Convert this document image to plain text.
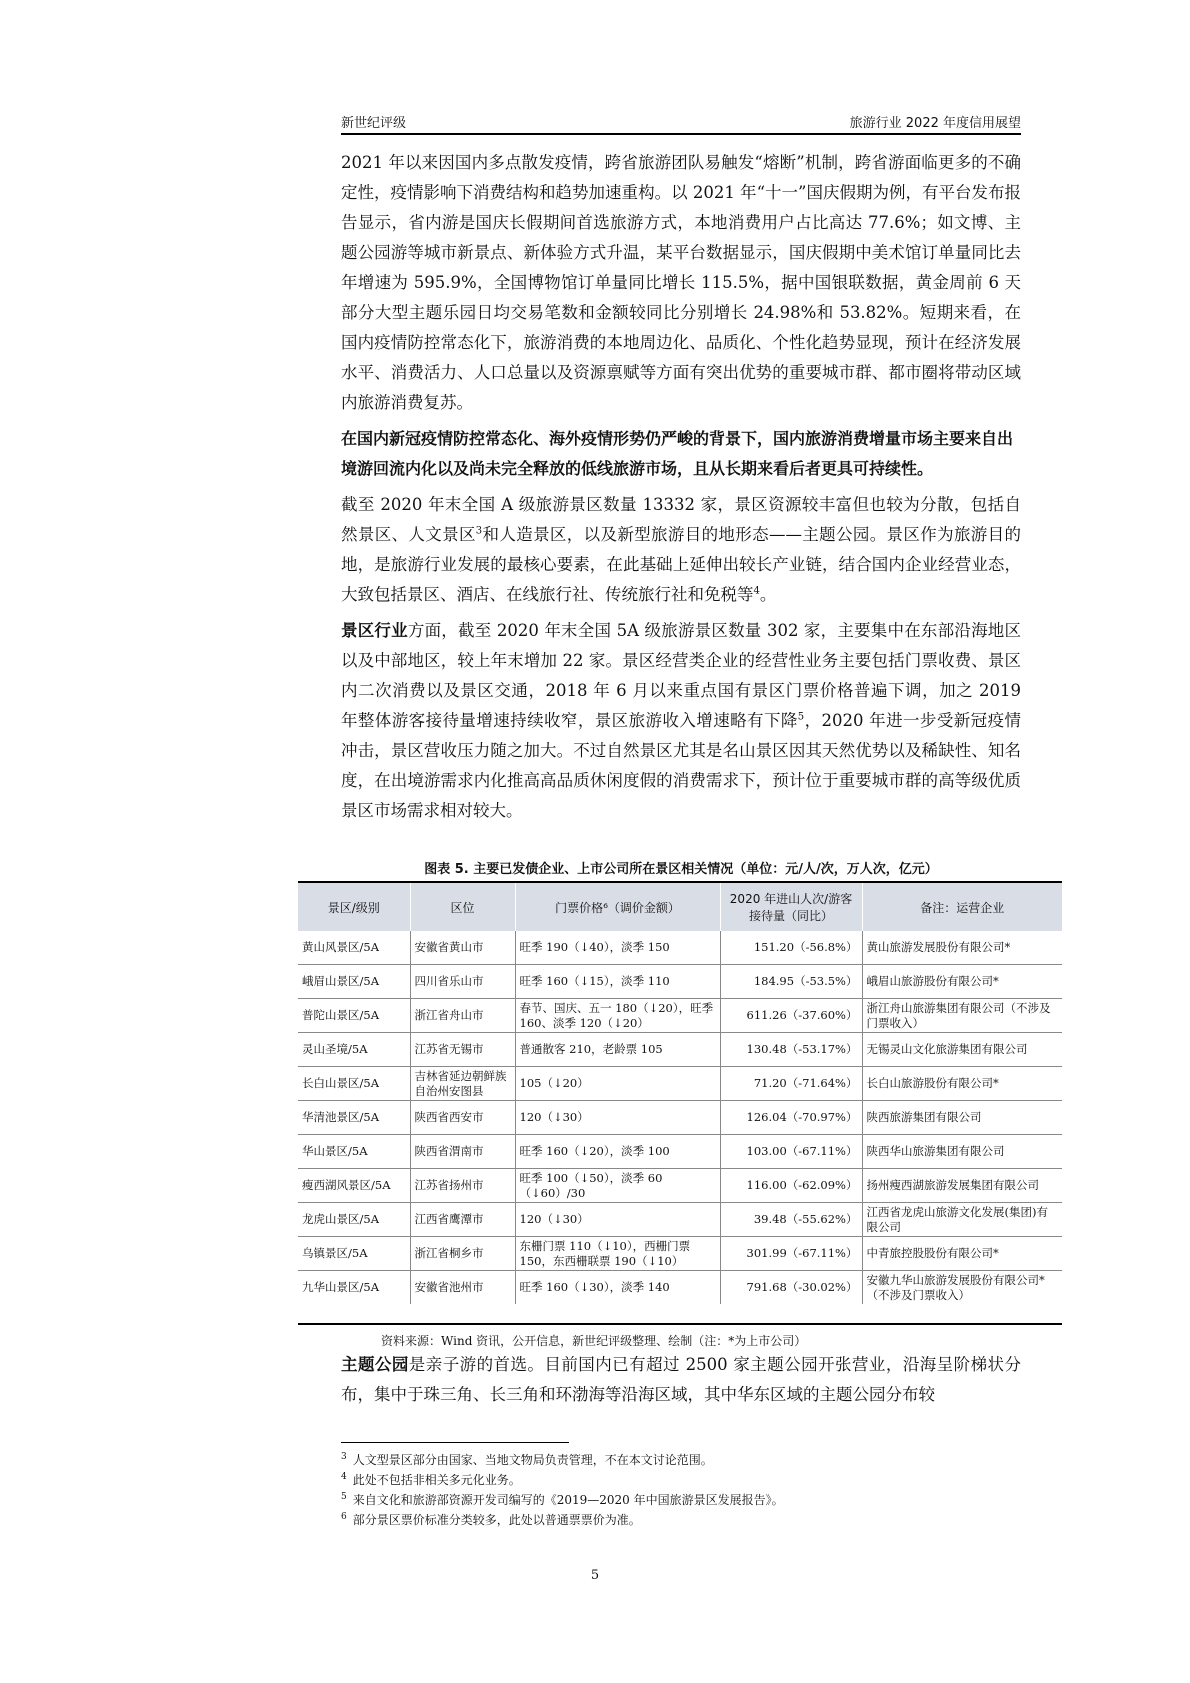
新世纪评级	旅游行业 2022 年度信用展望

2021 年以来因国内多点散发疫情，跨省旅游团队易触发“熔断”机制，跨省游面临更多的不确定性，疫情影响下消费结构和趋势加速重构。以 2021 年“十一”国庆假期为例，有平台发布报告显示，省内游是国庆长假期间首选旅游方式，本地消费用户占比高达 77.6%；如文博、主题公园游等城市新景点、新体验方式升温，某平台数据显示，国庆假期中美术馆订单量同比去年增速为 595.9%，全国博物馆订单量同比增长 115.5%，据中国银联数据，黄金周前 6 天部分大型主题乐园日均交易笔数和金额较同比分别增长 24.98%和 53.82%。短期来看，在国内疫情防控常态化下，旅游消费的本地周边化、品质化、个性化趋势显现，预计在经济发展水平、消费活力、人口总量以及资源禀赋等方面有突出优势的重要城市群、都市圈将带动区域内旅游消费复苏。

在国内新冠疫情防控常态化、海外疫情形势仍严峻的背景下，国内旅游消费增量市场主要来自出境游回流内化以及尚未完全释放的低线旅游市场，且从长期来看后者更具可持续性。

截至 2020 年末全国 A 级旅游景区数量 13332 家，景区资源较丰富但也较为分散，包括自然景区、人文景区$^3$和人造景区，以及新型旅游目的地形态——主题公园。景区作为旅游目的地，是旅游行业发展的最核心要素，在此基础上延伸出较长产业链，结合国内企业经营业态，大致包括景区、酒店、在线旅行社、传统旅行社和免税等$^4$。

景区行业方面，截至 2020 年末全国 5A 级旅游景区数量 302 家，主要集中在东部沿海地区以及中部地区，较上年末增加 22 家。景区经营类企业的经营性业务主要包括门票收费、景区内二次消费以及景区交通，2018 年 6 月以来重点国有景区门票价格普遍下调，加之 2019 年整体游客接待量增速持续收窄，景区旅游收入增速略有下降$^5$，2020 年进一步受新冠疫情冲击，景区营收压力随之加大。不过自然景区尤其是名山景区因其天然优势以及稀缺性、知名度，在出境游需求内化推高高品质休闲度假的消费需求下，预计位于重要城市群的高等级优质景区市场需求相对较大。

图表 5. 主要已发债企业、上市公司所在景区相关情况（单位：元/人/次，万人次，亿元）
景区/级别	区位	门票价格⁶（调价金额）	2020 年进山人次/游客接待量（同比）	备注：运营企业
黄山风景区/5A	安徽省黄山市	旺季 190（↓40），淡季 150	151.20（-56.8%）	黄山旅游发展股份有限公司*
峨眉山景区/5A	四川省乐山市	旺季 160（↓15），淡季 110	184.95（-53.5%）	峨眉山旅游股份有限公司*
普陀山景区/5A	浙江省舟山市	春节、国庆、五一 180（↓20），旺季 160、淡季 120（↓20）	611.26（-37.60%）	浙江舟山旅游集团有限公司（不涉及门票收入）
灵山圣境/5A	江苏省无锡市	普通散客 210，老龄票 105	130.48（-53.17%）	无锡灵山文化旅游集团有限公司
长白山景区/5A	吉林省延边朝鲜族自治州安图县	105（↓20）	71.20（-71.64%）	长白山旅游股份有限公司*
华清池景区/5A	陕西省西安市	120（↓30）	126.04（-70.97%）	陕西旅游集团有限公司
华山景区/5A	陕西省渭南市	旺季 160（↓20），淡季 100	103.00（-67.11%）	陕西华山旅游集团有限公司
瘦西湖风景区/5A	江苏省扬州市	旺季 100（↓50），淡季 60（↓60）/30	116.00（-62.09%）	扬州瘦西湖旅游发展集团有限公司
龙虎山景区/5A	江西省鹰潭市	120（↓30）	39.48（-55.62%）	江西省龙虎山旅游文化发展(集团)有限公司
乌镇景区/5A	浙江省桐乡市	东栅门票 110（↓10），西栅门票 150，东西栅联票 190（↓10）	301.99（-67.11%）	中青旅控股股份有限公司*
九华山景区/5A	安徽省池州市	旺季 160（↓30），淡季 140	791.68（-30.02%）	安徽九华山旅游发展股份有限公司*（不涉及门票收入）
资料来源：Wind 资讯，公开信息，新世纪评级整理、绘制（注：*为上市公司）

主题公园是亲子游的首选。目前国内已有超过 2500 家主题公园开张营业，沿海呈阶梯状分布，集中于珠三角、长三角和环渤海等沿海区域，其中华东区域的主题公园分布较

$^3$ 人文型景区部分由国家、当地文物局负责管理，不在本文讨论范围。
$^4$ 此处不包括非相关多元化业务。
$^5$ 来自文化和旅游部资源开发司编写的《2019—2020 年中国旅游景区发展报告》。
$^6$ 部分景区票价标准分类较多，此处以普通票票价为准。
5
